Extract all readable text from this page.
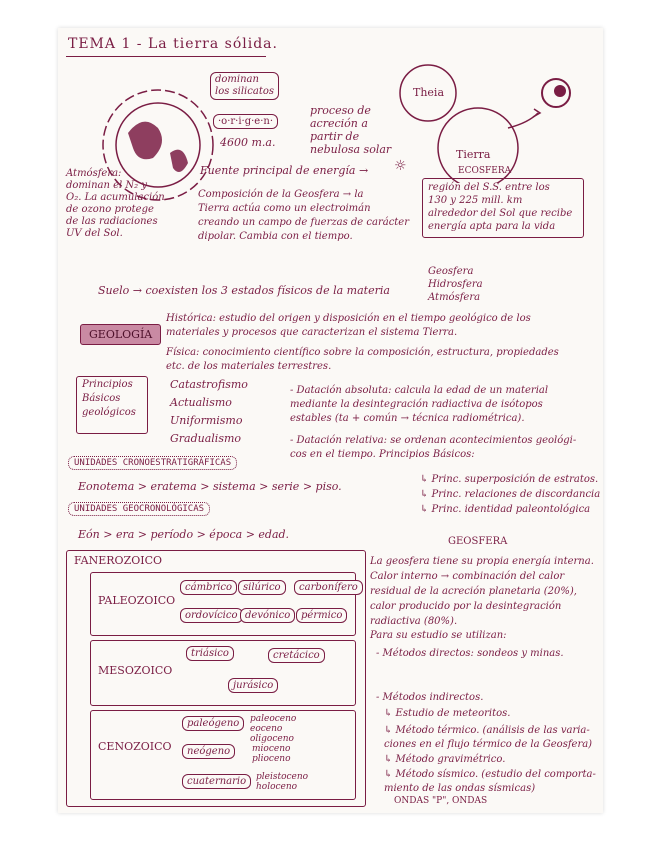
TEMA 1 - La tierra sólida.
dominan
los silicatos
·o·r·i·g·e·n·
4600 m.a.
proceso de
acreción a
partir de
nebulosa solar
Theia
Tierra
Atmósfera:
dominan el N₂ y
O₂. La acumulación
de ozono protege
de las radiaciones
UV del Sol.
Fuente principal de energía → ☼	ECOSFERA
región del S.S. entre los
130 y 225 mill. km
alrededor del Sol que recibe
energía apta para la vida
Composición de la Geosfera → la
Tierra actúa como un electroimán
creando un campo de fuerzas de carácter
dipolar. Cambia con el tiempo.
Suelo → coexisten los 3 estados físicos de la materia
Geosfera
Hidrosfera
Atmósfera
GEOLOGÍA
Histórica: estudio del origen y disposición en el tiempo geológico de los
materiales y procesos que caracterizan el sistema Tierra.
Física: conocimiento científico sobre la composición, estructura, propiedades
etc. de los materiales terrestres.
Principios
Básicos
geológicos
Catastrofismo
Actualismo
Uniformismo
Gradualismo
- Datación absoluta: calcula la edad de un material
mediante la desintegración radiactiva de isótopos
estables (ta + común → técnica radiométrica).
- Datación relativa: se ordenan acontecimientos geológi-
cos en el tiempo. Principios Básicos:
↳ Princ. superposición de estratos.
↳ Princ. relaciones de discordancia
↳ Princ. identidad paleontológica
UNIDADES CRONOESTRATIGRÁFICAS
Eonotema > eratema > sistema > serie > piso.
UNIDADES GEOCRONOLÓGICAS
Eón > era > período > época > edad.
FANEROZOICO
PALEOZOICO
cámbrico	silúrico	carbonífero
ordovícico devónico	pérmico
MESOZOICO
triásico	cretácico
jurásico
CENOZOICO
paleógeno
neógeno
cuaternario
paleoceno
eoceno
oligoceno
mioceno
plioceno
pleistoceno
holoceno
GEOSFERA
La geosfera tiene su propia energía interna.
Calor interno → combinación del calor
residual de la acreción planetaria (20%),
calor producido por la desintegración
radiactiva (80%).
Para su estudio se utilizan:
- Métodos directos: sondeos y minas.
- Métodos indirectos.
↳ Estudio de meteoritos.
↳ Método térmico. (análisis de las varia-
ciones en el flujo térmico de la Geosfera)
↳ Método gravimétrico.
↳ Método sísmico. (estudio del comporta-
miento de las ondas sísmicas)
ONDAS "P", ONDAS
